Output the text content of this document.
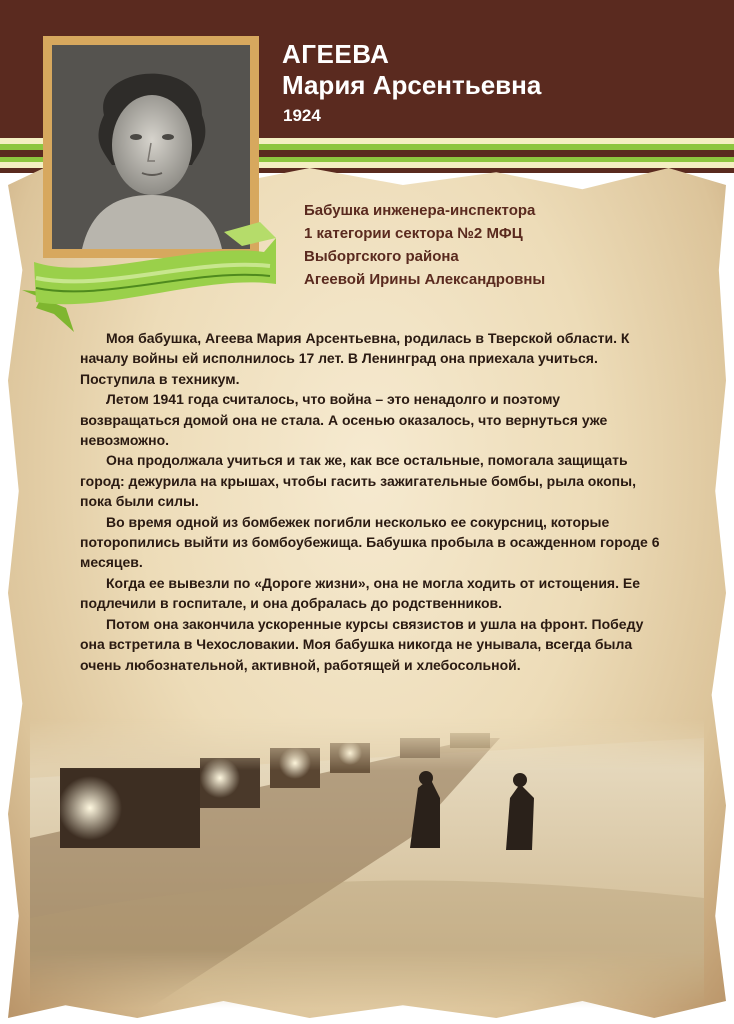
АГЕЕВА
Мария Арсентьевна
1924
Бабушка инженера-инспектора
1 категории сектора №2 МФЦ
Выборгского района
Агеевой Ирины Александровны

Моя бабушка, Агеева Мария Арсентьевна, родилась в Тверской области. К началу войны ей исполнилось 17 лет. В Ленинград она приехала учиться. Поступила в техникум.

Летом 1941 года считалось, что война – это ненадолго и поэтому возвращаться домой она не стала. А осенью оказалось, что вернуться уже невозможно.

Она продолжала учиться и так же, как все остальные, помогала защищать город: дежурила на крышах, чтобы гасить зажигательные бомбы, рыла окопы, пока были силы.

Во время одной из бомбежек погибли несколько ее сокурсниц, которые поторопились выйти из бомбоубежища. Бабушка пробыла в осажденном городе 6 месяцев.

Когда ее вывезли по «Дороге жизни», она не могла ходить от истощения. Ее подлечили в госпитале, и она добралась до родственников.

Потом она закончила ускоренные курсы связистов и ушла на фронт. Победу она встретила в Чехословакии. Моя бабушка никогда не унывала, всегда была очень любознательной, активной, работящей и хлебосольной.
